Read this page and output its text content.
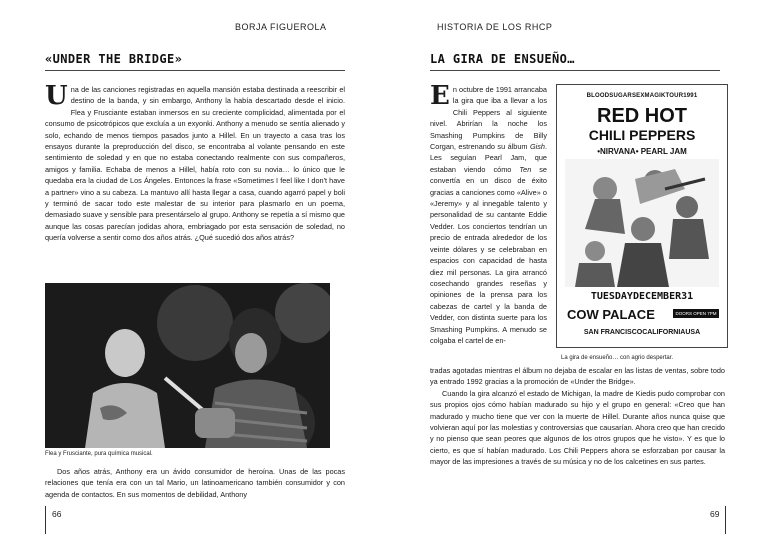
BORJA FIGUEROLA
«UNDER THE BRIDGE»

Una de las canciones registradas en aquella mansión estaba destinada a reescribir el destino de la banda, y sin embargo, Anthony la había descartado desde el inicio. Flea y Frusciante estaban inmersos en su creciente complicidad, alimentada por el consumo de psicotrópicos que excluía a un exyonki. Anthony a menudo se sentía alienado y solo, echando de menos tiempos pasados junto a Hillel. En un trayecto a casa tras los ensayos durante la preproducción del disco, se encontraba al volante pensando en este sentimiento de soledad y en que no estaba conectando realmente con sus compañeros, amigos y familia. Echaba de menos a Hillel, había roto con su novia… lo único que le quedaba era la ciudad de Los Ángeles. Entonces la frase «Sometimes I feel like I don't have a partner» vino a su cabeza. La mantuvo allí hasta llegar a casa, cuando agarró papel y boli y terminó de sacar todo este malestar de su interior para plasmarlo en un poema, demasiado suave y sensible para presentárselo al grupo. Anthony se repetía a sí mismo que aunque las cosas parecían jodidas ahora, embriagado por esta sensación de soledad, no quería volverse a sentir como dos años atrás. ¿Qué sucedió dos años atrás?

Flea y Frusciante, pura química musical.

Dos años atrás, Anthony era un ávido consumidor de heroína. Unas de las pocas relaciones que tenía era con un tal Mario, un latinoamericano también consumidor y con agenda de contactos. En sus momentos de debilidad, Anthony

66
HISTORIA DE LOS RHCP
LA GIRA DE ENSUEÑO…

En octubre de 1991 arrancaba la gira que iba a llevar a los Chili Peppers al siguiente nivel. Abrirían la noche los Smashing Pumpkins de Billy Corgan, estrenando su álbum Gish. Les seguían Pearl Jam, que estaban viendo cómo Ten se convertía en un disco de éxito gracias a canciones como «Alive» o «Jeremy» y al innegable talento y personalidad de su cantante Eddie Vedder. Los conciertos tendrían un precio de entrada alrededor de los veinte dólares y se celebraban en espacios con capacidad de hasta diez mil personas. La gira arrancó cosechando grandes reseñas y opiniones de la prensa para los cabezas de cartel y la banda de Vedder, con distinta suerte para los Smashing Pumpkins. A menudo se colgaba el cartel de en-

BLOODSUGARSEXMAGIKTOUR1991
RED HOT
CHILI PEPPERS
•NIRVANA• PEARL JAM
TUESDAYDECEMBER31
COW PALACE	DOORS OPEN 7PM
SAN FRANCISCOCALIFORNIAUSA
La gira de ensueño… con agrio despertar.

tradas agotadas mientras el álbum no dejaba de escalar en las listas de ventas, sobre todo ya entrado 1992 gracias a la promoción de «Under the Bridge».

Cuando la gira alcanzó el estado de Michigan, la madre de Kiedis pudo comprobar con sus propios ojos cómo habían madurado su hijo y el grupo en general: «Creo que han madurado y mucho tiene que ver con la muerte de Hillel. Durante años nunca quise que volvieran aquí por las molestias y controversias que causarían. Ahora creo que han crecido y no pienso que sean peores que algunos de los otros grupos que he visto». Y es que lo cierto, es que sí habían madurado. Los Chili Peppers ahora se esforzaban por causar la mayor de las impresiones a través de su música y no de los calcetines en sus partes.

69
